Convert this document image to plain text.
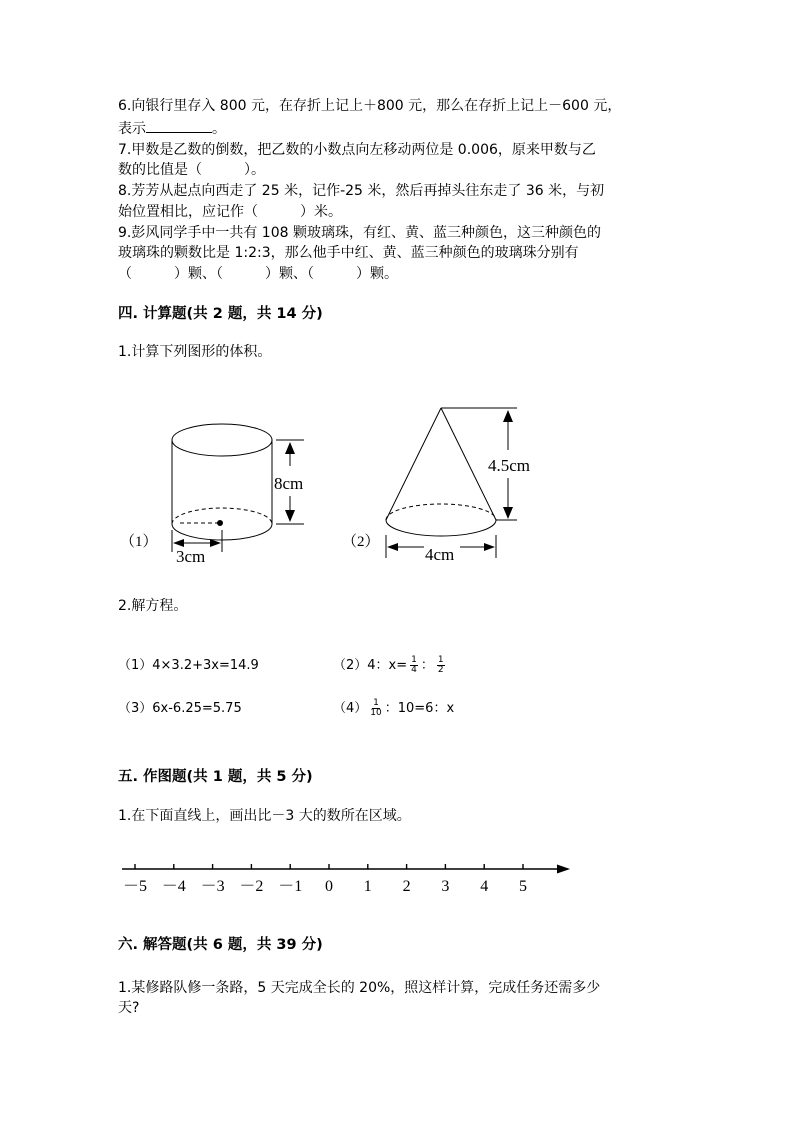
6.向银行里存入 800 元，在存折上记上＋800 元，那么在存折上记上－600 元，
表示	。
7.甲数是乙数的倒数，把乙数的小数点向左移动两位是 0.006，原来甲数与乙
数的比值是（　　　）。
8.芳芳从起点向西走了 25 米，记作-25 米，然后再掉头往东走了 36 米，与初
始位置相比，应记作（　　　）米。
9.彭风同学手中一共有 108 颗玻璃珠，有红、黄、蓝三种颜色，这三种颜色的
玻璃珠的颗数比是 1:2:3，那么他手中红、黄、蓝三种颜色的玻璃珠分别有
（　　　）颗、（　　　）颗、（　　　）颗。
四. 计算题(共 2 题，共 14 分)
1.计算下列图形的体积。
（1）
8cm
3cm
（2）
4.5cm
4cm
2.解方程。
（1）4×3.2+3x=14.9	（2）4：$x= \frac{1}{4}$ ： $\frac{1}{2}$
（3）6x-6.25=5.75	$(4) \frac{1}{10}$ ：10=6：x
五. 作图题(共 1 题，共 5 分)
1.在下面直线上，画出比－3 大的数所在区域。
－5 －4 －3 －2 －1 0 1 2 3 4 5
六. 解答题(共 6 题，共 39 分)
1.某修路队修一条路，5 天完成全长的 20%，照这样计算，完成任务还需多少
天?
